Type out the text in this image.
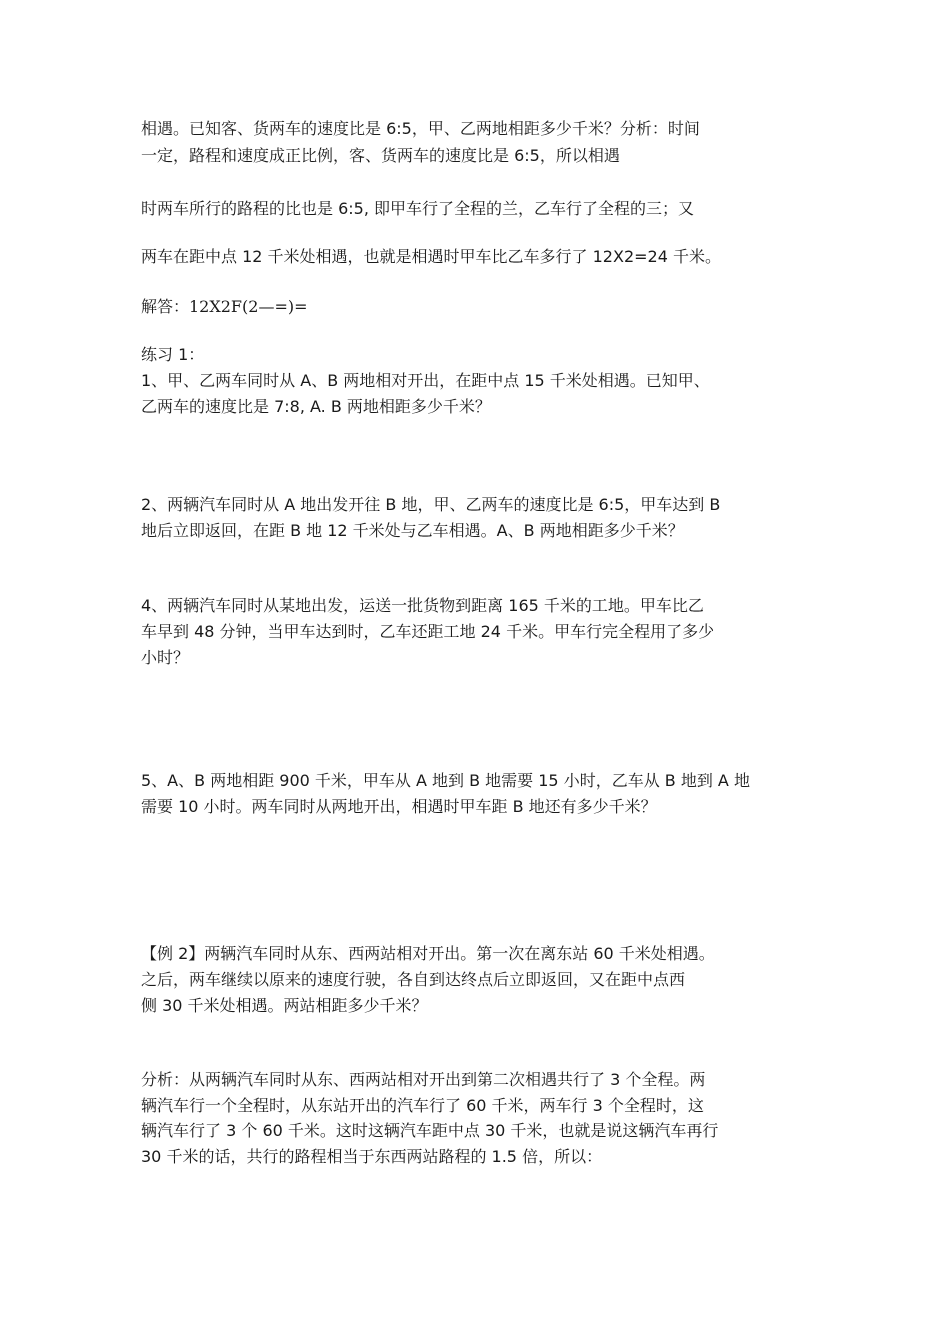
相遇。已知客、货两车的速度比是 6:5，甲、乙两地相距多少千米？分析：时间
一定，路程和速度成正比例，客、货两车的速度比是 6:5，所以相遇
时两车所行的路程的比也是 6:5, 即甲车行了全程的兰，乙车行了全程的三；又
两车在距中点 12 千米处相遇，也就是相遇时甲车比乙车多行了 12X2=24 千米。
解答：12X2F(2—=)=
练习 1：
1、甲、乙两车同时从 A、B 两地相对开出，在距中点 15 千米处相遇。已知甲、
乙两车的速度比是 7:8, A. B 两地相距多少千米？
2、两辆汽车同时从 A 地出发开往 B 地，甲、乙两车的速度比是 6:5，甲车达到 B
地后立即返回，在距 B 地 12 千米处与乙车相遇。A、B 两地相距多少千米？
4、两辆汽车同时从某地出发，运送一批货物到距离 165 千米的工地。甲车比乙
车早到 48 分钟，当甲车达到时，乙车还距工地 24 千米。甲车行完全程用了多少
小时？
5、A、B 两地相距 900 千米，甲车从 A 地到 B 地需要 15 小时，乙车从 B 地到 A 地
需要 10 小时。两车同时从两地开出，相遇时甲车距 B 地还有多少千米？
【例 2】两辆汽车同时从东、西两站相对开出。第一次在离东站 60 千米处相遇。
之后，两车继续以原来的速度行驶，各自到达终点后立即返回，又在距中点西
侧 30 千米处相遇。两站相距多少千米？
分析：从两辆汽车同时从东、西两站相对开出到第二次相遇共行了 3 个全程。两
辆汽车行一个全程时，从东站开出的汽车行了 60 千米，两车行 3 个全程时，这
辆汽车行了 3 个 60 千米。这时这辆汽车距中点 30 千米，也就是说这辆汽车再行
30 千米的话，共行的路程相当于东西两站路程的 1.5 倍，所以：
